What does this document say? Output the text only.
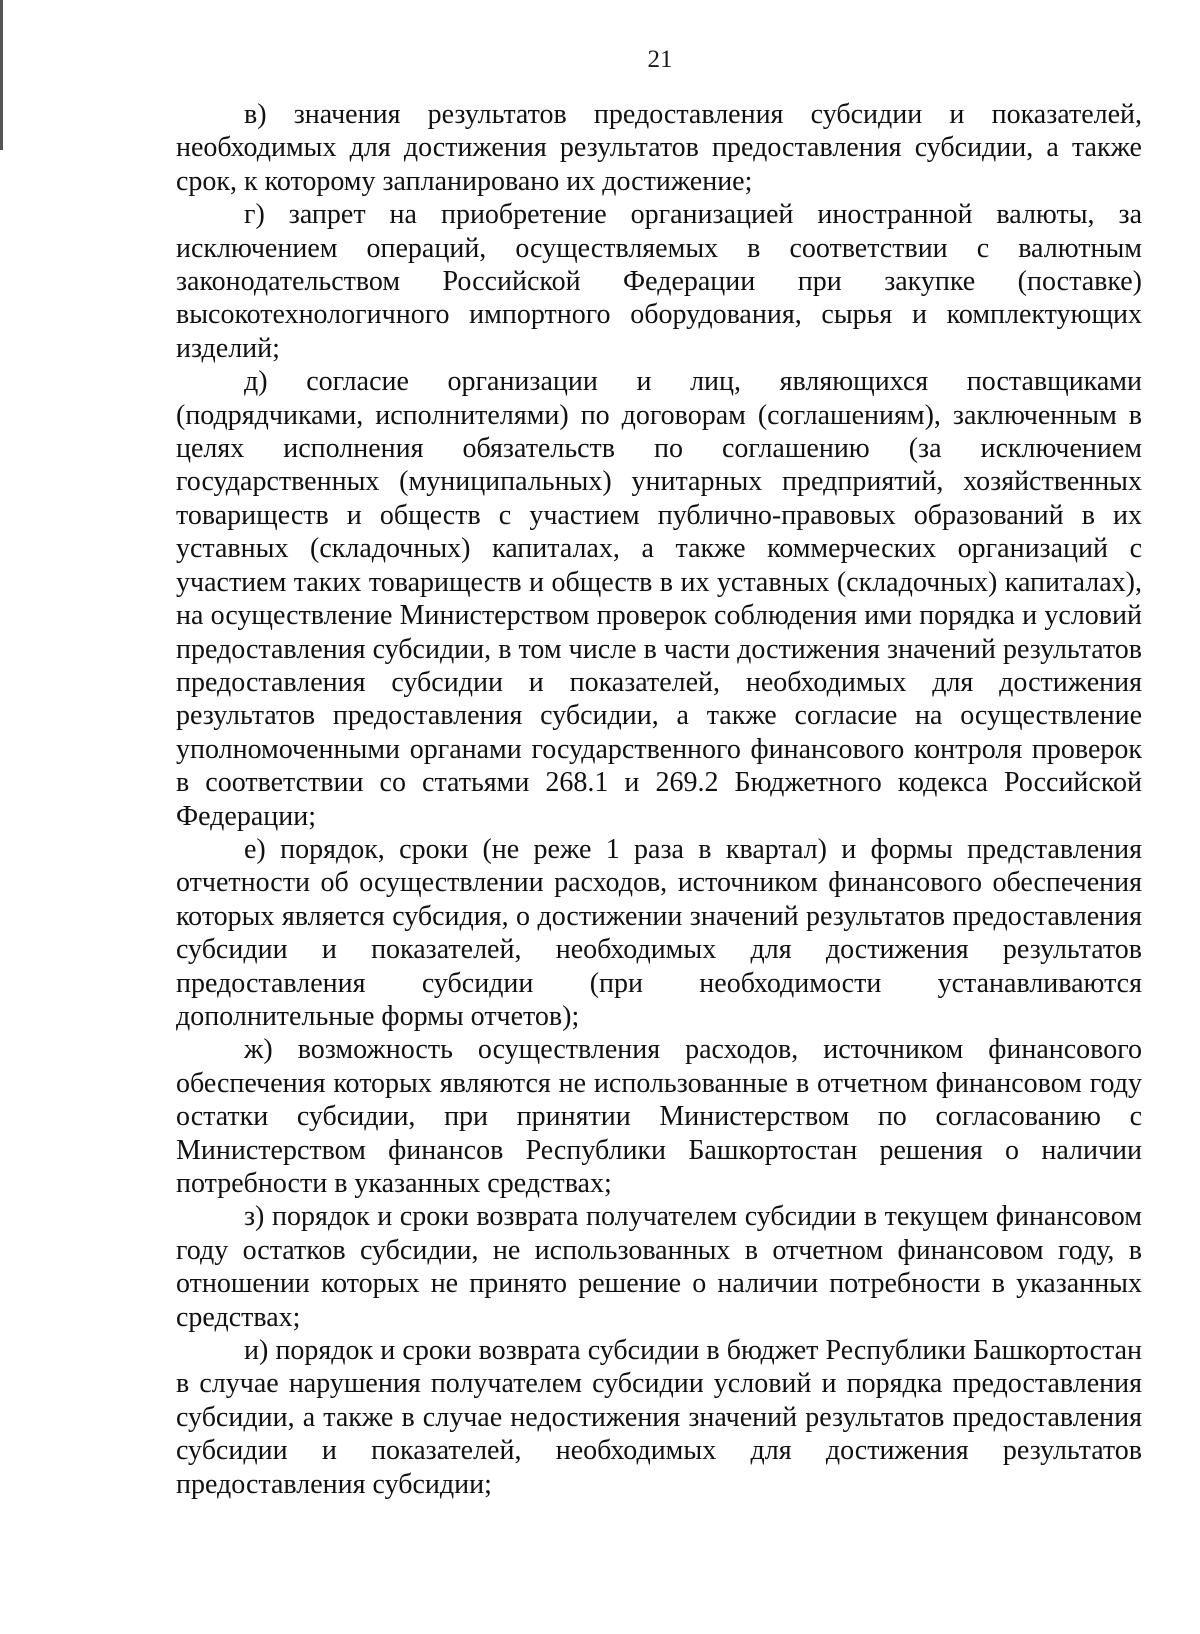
21

в) значения результатов предоставления субсидии и показателей, необходимых для достижения результатов предоставления субсидии, а также срок, к которому запланировано их достижение;

г) запрет на приобретение организацией иностранной валюты, за исключением операций, осуществляемых в соответствии с валютным законодательством Российской Федерации при закупке (поставке) высокотехнологичного импортного оборудования, сырья и комплектующих изделий;

д) согласие организации и лиц, являющихся поставщиками (подрядчиками, исполнителями) по договорам (соглашениям), заключенным в целях исполнения обязательств по соглашению (за исключением государственных (муниципальных) унитарных предприятий, хозяйственных товариществ и обществ с участием публично-правовых образований в их уставных (складочных) капиталах, а также коммерческих организаций с участием таких товариществ и обществ в их уставных (складочных) капиталах), на осуществление Министерством проверок соблюдения ими порядка и условий предоставления субсидии, в том числе в части достижения значений результатов предоставления субсидии и показателей, необходимых для достижения результатов предоставления субсидии, а также согласие на осуществление уполномоченными органами государственного финансового контроля проверок в соответствии со статьями 268.1 и 269.2 Бюджетного кодекса Российской Федерации;

е) порядок, сроки (не реже 1 раза в квартал) и формы представления отчетности об осуществлении расходов, источником финансового обеспечения которых является субсидия, о достижении значений результатов предоставления субсидии и показателей, необходимых для достижения результатов предоставления субсидии (при необходимости устанавливаются дополнительные формы отчетов);

ж) возможность осуществления расходов, источником финансового обеспечения которых являются не использованные в отчетном финансовом году остатки субсидии, при принятии Министерством по согласованию с Министерством финансов Республики Башкортостан решения о наличии потребности в указанных средствах;

з) порядок и сроки возврата получателем субсидии в текущем финансовом году остатков субсидии, не использованных в отчетном финансовом году, в отношении которых не принято решение о наличии потребности в указанных средствах;

и) порядок и сроки возврата субсидии в бюджет Республики Башкортостан в случае нарушения получателем субсидии условий и порядка предоставления субсидии, а также в случае недостижения значений результатов предоставления субсидии и показателей, необходимых для достижения результатов предоставления субсидии;
